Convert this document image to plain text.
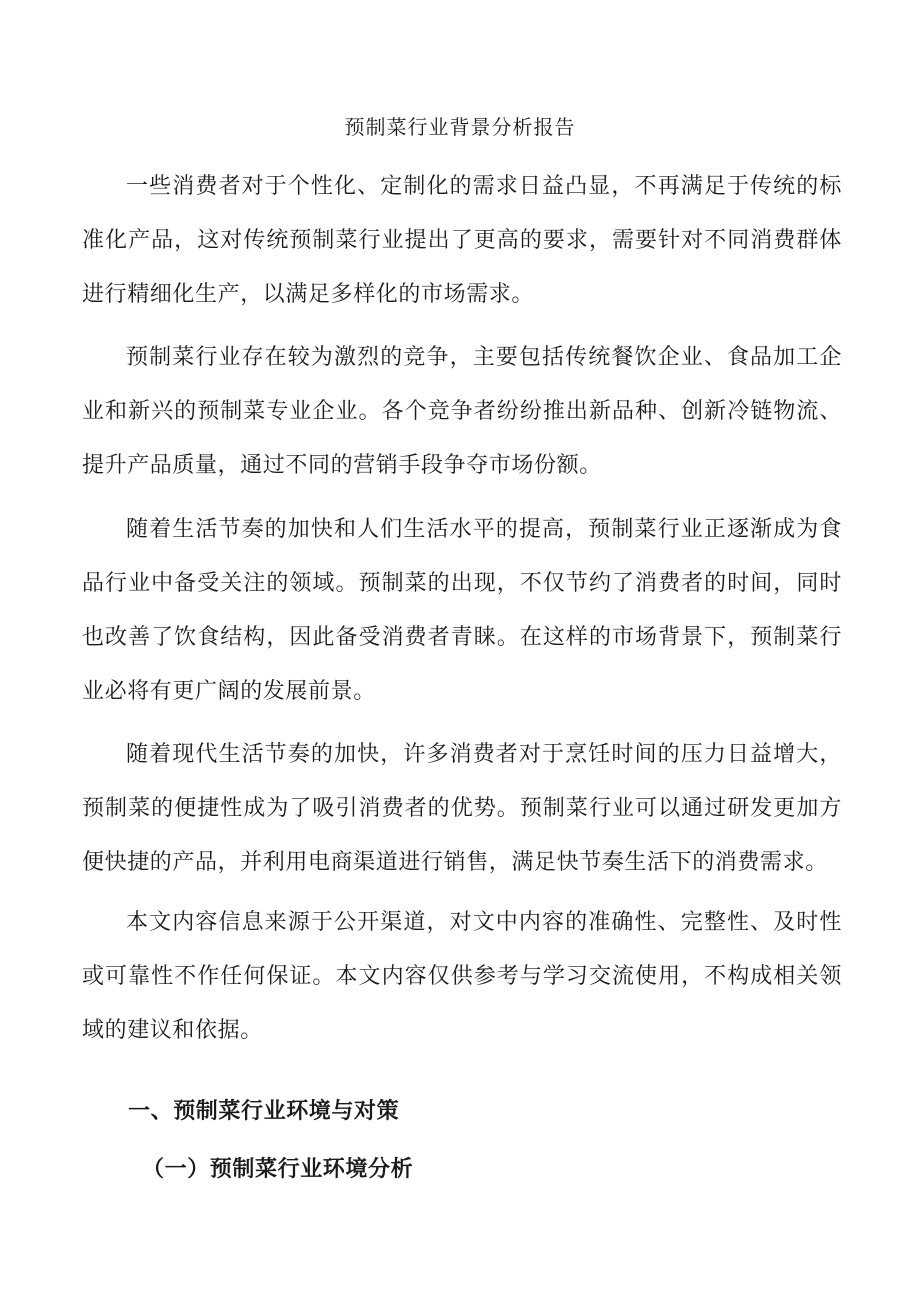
预制菜行业背景分析报告

一些消费者对于个性化、定制化的需求日益凸显，不再满足于传统的标准化产品，这对传统预制菜行业提出了更高的要求，需要针对不同消费群体进行精细化生产，以满足多样化的市场需求。

预制菜行业存在较为激烈的竞争，主要包括传统餐饮企业、食品加工企业和新兴的预制菜专业企业。各个竞争者纷纷推出新品种、创新冷链物流、提升产品质量，通过不同的营销手段争夺市场份额。

随着生活节奏的加快和人们生活水平的提高，预制菜行业正逐渐成为食品行业中备受关注的领域。预制菜的出现，不仅节约了消费者的时间，同时也改善了饮食结构，因此备受消费者青睐。在这样的市场背景下，预制菜行业必将有更广阔的发展前景。

随着现代生活节奏的加快，许多消费者对于烹饪时间的压力日益增大，预制菜的便捷性成为了吸引消费者的优势。预制菜行业可以通过研发更加方便快捷的产品，并利用电商渠道进行销售，满足快节奏生活下的消费需求。

本文内容信息来源于公开渠道，对文中内容的准确性、完整性、及时性或可靠性不作任何保证。本文内容仅供参考与学习交流使用，不构成相关领域的建议和依据。

一、预制菜行业环境与对策
（一）预制菜行业环境分析
